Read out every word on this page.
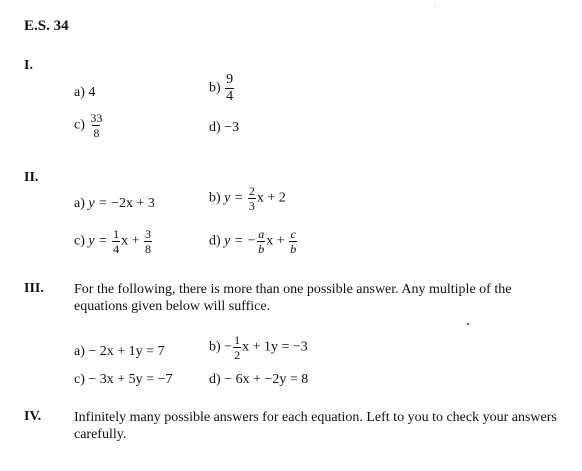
E.S. 34
I.
a) 4	$b) \frac{9}{4}$
$c) \frac{33}{8}$	d) −3
II.
a) y = −2x + 3	b) $y = \frac{2}{3}$ x + 2
c) $y = \frac{1}{4}$ $x + \frac{3}{8}$	d) y = − $\frac{a}{b}$ $x + \frac{c}{b}$
III. For the following, there is more than one possible answer. Any multiple of the equations given below will suffice.
a) − 2x + 1y = 7	$b) - \frac{1}{2}$ x + 1y = −3
c) − 3x + 5y = −7	d) − 6x + −2y = 8
IV. Infinitely many possible answers for each equation. Left to you to check your answers carefully.
